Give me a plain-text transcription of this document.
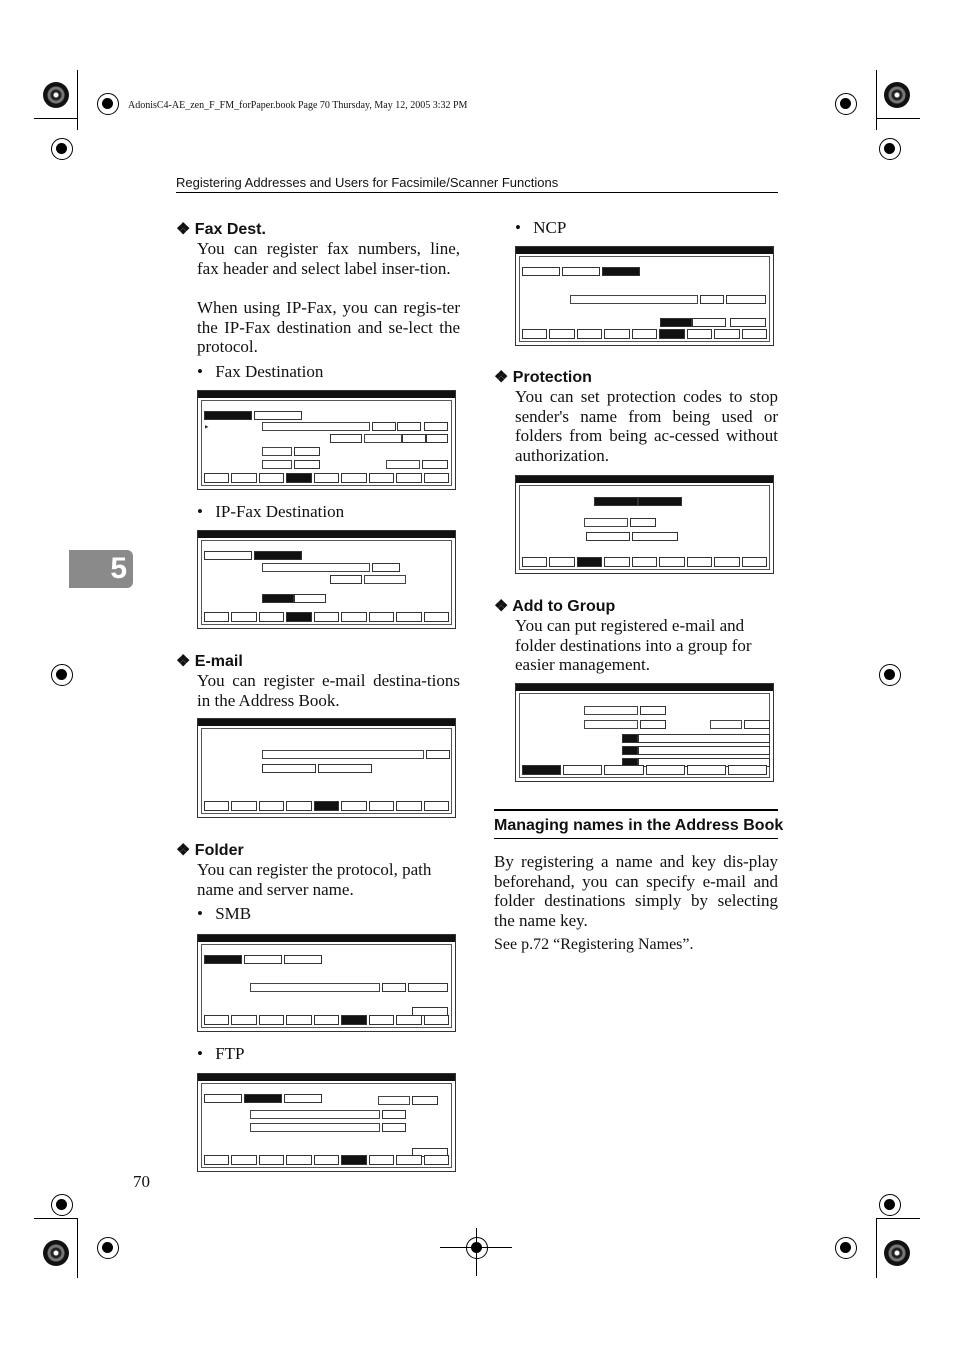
AdonisC4-AE_zen_F_FM_forPaper.book Page 70 Thursday, May 12, 2005 3:32 PM
Registering Addresses and Users for Facsimile/Scanner Functions
5
❖ Fax Dest.
You can register fax numbers, line, fax header and select label inser-tion.
When using IP-Fax, you can regis-ter the IP-Fax destination and se-lect the protocol.
• Fax Destination
▶
• IP-Fax Destination
❖ E-mail
You can register e-mail destina-tions in the Address Book.
❖ Folder
You can register the protocol, path name and server name.
• SMB
• FTP
70
• NCP
❖ Protection
You can set protection codes to stop sender's name from being used or folders from being ac-cessed without authorization.
❖ Add to Group
You can put registered e-mail and folder destinations into a group for easier management.
Managing names in the Address Book
By registering a name and key dis-play beforehand, you can specify e-mail and folder destinations simply by selecting the name key.
See p.72 “Registering Names”.
